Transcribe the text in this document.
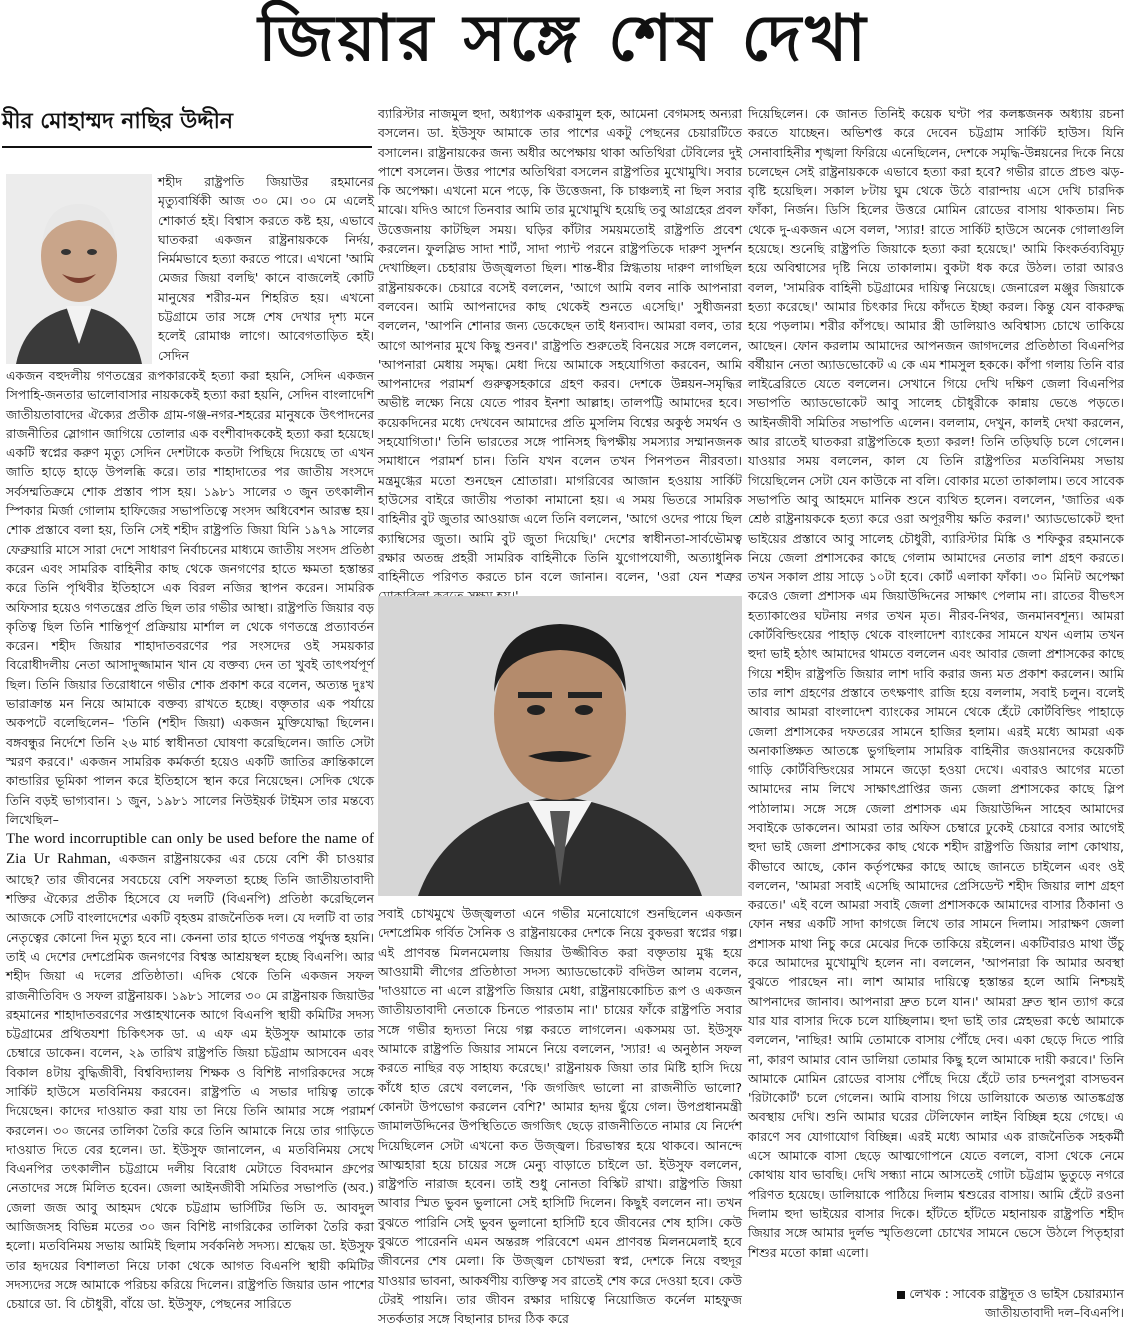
জিয়ার সঙ্গে শেষ দেখা
মীর মোহাম্মদ নাছির উদ্দীন

শহীদ রাষ্ট্রপতি জিয়াউর রহমানের মৃত্যুবার্ষিকী আজ ৩০ মে। ৩০ মে এলেই শোকার্ত হই। বিশ্বাস করতে কষ্ট হয়, এভাবে ঘাতকরা একজন রাষ্ট্রনায়ককে নির্দয়, নির্মমভাবে হত্যা করতে পারে। এখনো 'আমি মেজর জিয়া বলছি' কানে বাজলেই কোটি মানুষের শরীর-মন শিহরিত হয়। এখনো চট্টগ্রামে তার সঙ্গে শেষ দেখার দৃশ্য মনে হলেই রোমাঞ্চ লাগে। আবেগতাড়িত হই। সেদিন

একজন বহুদলীয় গণতন্ত্রের রূপকারকেই হত্যা করা হয়নি, সেদিন একজন সিপাহি-জনতার ভালোবাসার নায়ককেই হত্যা করা হয়নি, সেদিন বাংলাদেশি জাতীয়তাবাদের ঐক্যের প্রতীক গ্রাম-গঞ্জ-নগর-শহরের মানুষকে উৎপাদনের রাজনীতির স্লোগান জাগিয়ে তোলার এক বংশীবাদককেই হত্যা করা হয়েছে। একটি স্বপ্নের করুণ মৃত্যু সেদিন দেশটাকে কতটা পিছিয়ে দিয়েছে তা এখন জাতি হাড়ে হাড়ে উপলব্ধি করে। তার শাহাদাতের পর জাতীয় সংসদে সর্বসম্মতিক্রমে শোক প্রস্তাব পাস হয়। ১৯৮১ সালের ৩ জুন তৎকালীন স্পিকার মির্জা গোলাম হাফিজের সভাপতিত্বে সংসদ অধিবেশন আরম্ভ হয়। শোক প্রস্তাবে বলা হয়, তিনি সেই শহীদ রাষ্ট্রপতি জিয়া যিনি ১৯৭৯ সালের ফেব্রুয়ারি মাসে সারা দেশে সাধারণ নির্বাচনের মাধ্যমে জাতীয় সংসদ প্রতিষ্ঠা করেন এবং সামরিক বাহিনীর কাছ থেকে জনগণের হাতে ক্ষমতা হস্তান্তর করে তিনি পৃথিবীর ইতিহাসে এক বিরল নজির স্থাপন করেন। সামরিক অফিসার হয়েও গণতন্ত্রের প্রতি ছিল তার গভীর আস্থা। রাষ্ট্রপতি জিয়ার বড় কৃতিত্ব ছিল তিনি শান্তিপূর্ণ প্রক্রিয়ায় মার্শাল ল থেকে গণতন্ত্রে প্রত্যাবর্তন করেন। শহীদ জিয়ার শাহাদাতবরণের পর সংসদের ওই সময়কার বিরোধীদলীয় নেতা আসাদুজ্জামান খান যে বক্তব্য দেন তা খুবই তাৎপর্যপূর্ণ ছিল। তিনি জিয়ার তিরোধানে গভীর শোক প্রকাশ করে বলেন, অত্যন্ত দুঃখ ভারাক্রান্ত মন নিয়ে আমাকে বক্তব্য রাখতে হচ্ছে। বক্তৃতার এক পর্যায়ে অকপটে বলেছিলেন– 'তিনি (শহীদ জিয়া) একজন মুক্তিযোদ্ধা ছিলেন। বঙ্গবন্ধুর নির্দেশে তিনি ২৬ মার্চ স্বাধীনতা ঘোষণা করেছিলেন। জাতি সেটা স্মরণ করবে।' একজন সামরিক কর্মকর্তা হয়েও একটি জাতির ক্রান্তিকালে কান্ডারির ভূমিকা পালন করে ইতিহাসে স্থান করে নিয়েছেন। সেদিক থেকে তিনি বড়ই ভাগ্যবান। ১ জুন, ১৯৮১ সালের নিউইয়র্ক টাইমস তার মন্তব্যে লিখেছিল–

The word incorruptible can only be used before the name of Zia Ur Rahman, একজন রাষ্ট্রনায়কের এর চেয়ে বেশি কী চাওয়ার আছে? তার জীবনের সবচেয়ে বেশি সফলতা হচ্ছে তিনি জাতীয়তাবাদী শক্তির ঐক্যের প্রতীক হিসেবে যে দলটি (বিএনপি) প্রতিষ্ঠা করেছিলেন আজকে সেটি বাংলাদেশের একটি বৃহত্তম রাজনৈতিক দল। যে দলটি বা তার নেতৃত্বের কোনো দিন মৃত্যু হবে না। কেননা তার হাতে গণতন্ত্র পর্যুদস্ত হয়নি। তাই এ দেশের দেশপ্রেমিক জনগণের বিশ্বস্ত আশ্রয়স্থল হচ্ছে বিএনপি। আর শহীদ জিয়া এ দলের প্রতিষ্ঠাতা। এদিক থেকে তিনি একজন সফল রাজনীতিবিদ ও সফল রাষ্ট্রনায়ক। ১৯৮১ সালের ৩০ মে রাষ্ট্রনায়ক জিয়াউর রহমানের শাহাদাতবরণের সপ্তাহখানেক আগে বিএনপি স্থায়ী কমিটির সদস্য চট্টগ্রামের প্রথিতযশা চিকিৎসক ডা. এ এফ এম ইউসুফ আমাকে তার চেম্বারে ডাকেন। বলেন, ২৯ তারিখ রাষ্ট্রপতি জিয়া চট্টগ্রাম আসবেন এবং বিকাল ৪টায় বুদ্ধিজীবী, বিশ্ববিদ্যালয় শিক্ষক ও বিশিষ্ট নাগরিকদের সঙ্গে সার্কিট হাউসে মতবিনিময় করবেন। রাষ্ট্রপতি এ সভার দায়িত্ব তাকে দিয়েছেন। কাদের দাওয়াত করা যায় তা নিয়ে তিনি আমার সঙ্গে পরামর্শ করলেন। ৩০ জনের তালিকা তৈরি করে তিনি আমাকে নিয়ে তার গাড়িতে দাওয়াত দিতে বের হলেন। ডা. ইউসুফ জানালেন, এ মতবিনিময় সেখে বিএনপির তৎকালীন চট্টগ্রামে দলীয় বিরোধ মেটাতে বিবদমান গ্রুপের নেতাদের সঙ্গে মিলিত হবেন। জেলা আইনজীবী সমিতির সভাপতি (অব.) জেলা জজ আবু আহমদ থেকে চট্টগ্রাম ভার্সিটির ভিসি ড. আবদুল আজিজসহ বিভিন্ন মতের ৩০ জন বিশিষ্ট নাগরিকের তালিকা তৈরি করা হলো। মতবিনিময় সভায় আমিই ছিলাম সর্বকনিষ্ঠ সদস্য। শ্রদ্ধেয় ডা. ইউসুফ তার হৃদয়ের বিশালতা নিয়ে ঢাকা থেকে আগত বিএনপি স্থায়ী কমিটির সদস্যদের সঙ্গে আমাকে পরিচয় করিয়ে দিলেন। রাষ্ট্রপতি জিয়ার ডান পাশের চেয়ারে ডা. বি চৌধুরী, বাঁয়ে ডা. ইউসুফ, পেছনের সারিতে

ব্যারিস্টার নাজমুল হুদা, অধ্যাপক একরামুল হক, আমেনা বেগমসহ অন্যরা বসলেন। ডা. ইউসুফ আমাকে তার পাশের একটু পেছনের চেয়ারটিতে বসালেন। রাষ্ট্রনায়কের জন্য অধীর অপেক্ষায় থাকা অতিথিরা টেবিলের দুই পাশে বসলেন। উত্তর পাশের অতিথিরা বসলেন রাষ্ট্রপতির মুখোমুখি। সবার কি অপেক্ষা। এখনো মনে পড়ে, কি উত্তেজনা, কি চাঞ্চল্যই না ছিল সবার মাঝে। যদিও আগে তিনবার আমি তার মুখোমুখি হয়েছি তবু আগ্রহের প্রবল উত্তেজনায় কাটছিল সময়। ঘড়ির কাঁটার সময়মতোই রাষ্ট্রপতি প্রবেশ করলেন। ফুলস্লিভ সাদা শার্ট, সাদা প্যান্ট পরনে রাষ্ট্রপতিকে দারুণ সুদর্শন দেখাচ্ছিল। চেহারায় উজ্জ্বলতা ছিল। শান্ত-ধীর স্নিগ্ধতায় দারুণ লাগছিল রাষ্ট্রনায়ককে। চেয়ারে বসেই বললেন, 'আগে আমি বলব নাকি আপনারা বলবেন। আমি আপনাদের কাছ থেকেই শুনতে এসেছি।' সুধীজনরা বললেন, 'আপনি শোনার জন্য ডেকেছেন তাই ধন্যবাদ। আমরা বলব, তার আগে আপনার মুখে কিছু শুনব।' রাষ্ট্রপতি শুরুতেই বিনয়ের সঙ্গে বললেন, 'আপনারা মেধায় সমৃদ্ধ। মেধা দিয়ে আমাকে সহযোগিতা করবেন, আমি আপনাদের পরামর্শ গুরুত্বসহকারে গ্রহণ করব। দেশকে উন্নয়ন-সমৃদ্ধির অভীষ্ট লক্ষ্যে নিয়ে যেতে পারব ইনশা আল্লাহ। তালপট্টি আমাদের হবে। কয়েকদিনের মধ্যে দেখবেন আমাদের প্রতি মুসলিম বিশ্বের অকুণ্ঠ সমর্থন ও সহযোগিতা।' তিনি ভারতের সঙ্গে পানিসহ দ্বিপক্ষীয় সমস্যার সম্মানজনক সমাধানে পরামর্শ চান। তিনি যখন বলেন তখন পিনপতন নীরবতা। মন্ত্রমুগ্ধের মতো শুনছেন শ্রোতারা। মাগরিবের আজান হওয়ায় সার্কিট হাউসের বাইরে জাতীয় পতাকা নামানো হয়। এ সময় ভিতরে সামরিক বাহিনীর বুট জুতার আওয়াজ এলে তিনি বললেন, 'আগে ওদের পায়ে ছিল ক্যাম্বিসের জুতা। আমি বুট জুতা দিয়েছি।' দেশের স্বাধীনতা-সার্বভৌমত্ব রক্ষার অতন্দ্র প্রহরী সামরিক বাহিনীকে তিনি যুগোপযোগী, অত্যাধুনিক বাহিনীতে পরিণত করতে চান বলে জানান। বলেন, 'ওরা যেন শত্রুর

সবাই চোখমুখে উজ্জ্বলতা এনে গভীর মনোযোগে শুনছিলেন একজন দেশপ্রেমিক গর্বিত সৈনিক ও রাষ্ট্রনায়কের দেশকে নিয়ে বুকভরা স্বপ্নের গল্প। এই প্রাণবন্ত মিলনমেলায় জিয়ার উজ্জীবিত করা বক্তৃতায় মুগ্ধ হয়ে আওয়ামী লীগের প্রতিষ্ঠাতা সদস্য অ্যাডভোকেট বদিউল আলম বলেন, 'দাওয়াতে না এলে রাষ্ট্রপতি জিয়ার মেধা, রাষ্ট্রনায়কোচিত রূপ ও একজন জাতীয়তাবাদী নেতাকে চিনতে পারতাম না।' চায়ের ফাঁকে রাষ্ট্রপতি সবার সঙ্গে গভীর হৃদ্যতা নিয়ে গল্প করতে লাগলেন। একসময় ডা. ইউসুফ আমাকে রাষ্ট্রপতি জিয়ার সামনে নিয়ে বললেন, 'স্যার! এ অনুষ্ঠান সফল করতে নাছির বড় সাহায্য করেছে।' রাষ্ট্রনায়ক জিয়া তার মিষ্টি হাসি দিয়ে কাঁধে হাত রেখে বললেন, 'কি জগজিৎ ভালো না রাজনীতি ভালো? কোনটা উপভোগ করলেন বেশি?' আমার হৃদয় ছুঁয়ে গেল। উপপ্রধানমন্ত্রী জামালউদ্দিনের উপস্থিতিতে জগজিৎ ছেড়ে রাজনীতিতে নামার যে নির্দেশ দিয়েছিলেন সেটা এখনো কত উজ্জ্বল। চিরভাস্বর হয়ে থাকবে। আনন্দে আত্মহারা হয়ে চায়ের সঙ্গে মেন্যু বাড়াতে চাইলে ডা. ইউসুফ বললেন, রাষ্ট্রপতি নারাজ হবেন। তাই শুধু নোনতা বিস্কিট রাখা। রাষ্ট্রপতি জিয়া আবার স্মিত ভুবন ভুলানো সেই হাসিটি দিলেন। কিছুই বললেন না। তখন বুঝতে পারিনি সেই ভুবন ভুলানো হাসিটি হবে জীবনের শেষ হাসি। কেউ বুঝতে পারেননি এমন অন্তরঙ্গ পরিবেশে এমন প্রাণবন্ত মিলনমেলাই হবে জীবনের শেষ মেলা। কি উজ্জ্বল চোখভরা স্বপ্ন, দেশকে নিয়ে বহুদূর যাওয়ার ভাবনা, আকর্ষণীয় ব্যক্তিত্ব সব রাতেই শেষ করে দেওয়া হবে। কেউ টেরই পায়নি। তার জীবন রক্ষার দায়িত্বে নিয়োজিত কর্নেল মাহফুজ সতর্কতার সঙ্গে বিছানার চাদর ঠিক করে

দিয়েছিলেন। কে জানত তিনিই কয়েক ঘণ্টা পর কলঙ্কজনক অধ্যায় রচনা করতে যাচ্ছেন। অভিশপ্ত করে দেবেন চট্টগ্রাম সার্কিট হাউস। যিনি সেনাবাহিনীর শৃঙ্খলা ফিরিয়ে এনেছিলেন, দেশকে সমৃদ্ধি-উন্নয়নের দিকে নিয়ে চলেছেন সেই রাষ্ট্রনায়ককে এভাবে হত্যা করা হবে? গভীর রাতে প্রচণ্ড ঝড়-বৃষ্টি হয়েছিল। সকাল ৮টায় ঘুম থেকে উঠে বারান্দায় এসে দেখি চারদিক ফাঁকা, নির্জন। ডিসি হিলের উত্তরে মোমিন রোডের বাসায় থাকতাম। নিচ থেকে দু-একজন এসে বলল, 'স্যার! রাতে সার্কিট হাউসে অনেক গোলাগুলি হয়েছে। শুনেছি রাষ্ট্রপতি জিয়াকে হত্যা করা হয়েছে।' আমি কিংকর্তব্যবিমূঢ় হয়ে অবিশ্বাসের দৃষ্টি নিয়ে তাকালাম। বুকটা ধক করে উঠল। তারা আরও বলল, 'সামরিক বাহিনী চট্টগ্রামের দায়িত্ব নিয়েছে। জেনারেল মঞ্জুর জিয়াকে হত্যা করেছে।' আমার চিৎকার দিয়ে কাঁদতে ইচ্ছা করল। কিন্তু যেন বাকরুদ্ধ হয়ে পড়লাম। শরীর কাঁপছে। আমার স্ত্রী ডালিয়াও অবিশ্বাস্য চোখে তাকিয়ে আছেন। ফোন করলাম আমাদের আপনজন জাগদলের প্রতিষ্ঠাতা বিএনপির বর্ষীয়ান নেতা অ্যাডভোকেট এ কে এম শামসুল হককে। কাঁপা গলায় তিনি বার লাইব্রেরিতে যেতে বললেন। সেখানে গিয়ে দেখি দক্ষিণ জেলা বিএনপির সভাপতি অ্যাডভোকেট আবু সালেহ চৌধুরীকে কান্নায় ভেঙে পড়তে। আইনজীবী সমিতির সভাপতি এলেন। বললাম, দেখুন, কালই দেখা করলেন, আর রাতেই ঘাতকরা রাষ্ট্রপতিকে হত্যা করল! তিনি তড়িঘড়ি চলে গেলেন। যাওয়ার সময় বললেন, কাল যে তিনি রাষ্ট্রপতির মতবিনিময় সভায় গিয়েছিলেন সেটা যেন কাউকে না বলি। বোকার মতো তাকালাম। তবে সাবেক সভাপতি আবু আহমদে মানিক শুনে ব্যথিত হলেন। বললেন, 'জাতির এক শ্রেষ্ঠ রাষ্ট্রনায়ককে হত্যা করে ওরা অপূরণীয় ক্ষতি করল।' অ্যাডভোকেট হুদা ভাইয়ের প্রস্তাবে আবু সালেহ চৌধুরী, ব্যারিস্টার মিঙ্কি ও শফিকুর রহমানকে নিয়ে জেলা প্রশাসকের কাছে গেলাম আমাদের নেতার লাশ গ্রহণ করতে। তখন সকাল প্রায় সাড়ে ১০টা হবে। কোর্ট এলাকা ফাঁকা। ৩০ মিনিট অপেক্ষা করেও জেলা প্রশাসক এম জিয়াউদ্দিনের সাক্ষাৎ পেলাম না। রাতের বীভৎস হত্যাকাণ্ডের ঘটনায় নগর তখন মৃত। নীরব-নিথর, জনমানবশূন্য। আমরা কোর্টবিল্ডিংয়ের পাহাড় থেকে বাংলাদেশ ব্যাংকের সামনে যখন এলাম তখন হুদা ভাই হঠাৎ আমাদের থামতে বললেন এবং আবার জেলা প্রশাসকের কাছে গিয়ে শহীদ রাষ্ট্রপতি জিয়ার লাশ দাবি করার জন্য মত প্রকাশ করলেন। আমি তার লাশ গ্রহণের প্রস্তাবে তৎক্ষণাৎ রাজি হয়ে বললাম, সবাই চলুন। বলেই আবার আমরা বাংলাদেশ ব্যাংকের সামনে থেকে হেঁটে কোর্টবিল্ডিং পাহাড়ে জেলা প্রশাসকের দফতরের সামনে হাজির হলাম। এরই মধ্যে আমরা এক অনাকাঙ্ক্ষিত আতঙ্কে ভুগছিলাম সামরিক বাহিনীর জওয়ানদের কয়েকটি গাড়ি কোর্টবিল্ডিংয়ের সামনে জড়ো হওয়া দেখে। এবারও আগের মতো আমাদের নাম লিখে সাক্ষাৎপ্রাপ্তির জন্য জেলা প্রশাসকের কাছে স্লিপ পাঠালাম। সঙ্গে সঙ্গে জেলা প্রশাসক এম জিয়াউদ্দিন সাহেব আমাদের সবাইকে ডাকলেন। আমরা তার অফিস চেম্বারে ঢুকেই চেয়ারে বসার আগেই হুদা ভাই জেলা প্রশাসকের কাছ থেকে শহীদ রাষ্ট্রপতি জিয়ার লাশ কোথায়, কীভাবে আছে, কোন কর্তৃপক্ষের কাছে আছে জানতে চাইলেন এবং ওই বললেন, 'আমরা সবাই এসেছি আমাদের প্রেসিডেন্ট শহীদ জিয়ার লাশ গ্রহণ করতে।' এই বলে আমরা সবাই জেলা প্রশাসককে আমাদের বাসার ঠিকানা ও ফোন নম্বর একটি সাদা কাগজে লিখে তার সামনে দিলাম। সারাক্ষণ জেলা প্রশাসক মাথা নিচু করে মেঝের দিকে তাকিয়ে রইলেন। একটিবারও মাথা উঁচু করে আমাদের মুখোমুখি হলেন না। বললেন, 'আপনারা কি আমার অবস্থা বুঝতে পারছেন না। লাশ আমার দায়িত্বে হস্তান্তর হলে আমি নিশ্চয়ই আপনাদের জানাব। আপনারা দ্রুত চলে যান।' আমরা দ্রুত স্থান ত্যাগ করে যার যার বাসার দিকে চলে যাচ্ছিলাম। হুদা ভাই তার স্নেহভরা কণ্ঠে আমাকে বললেন, 'নাছির! আমি তোমাকে বাসায় পৌঁছে দেব। একা ছেড়ে দিতে পারি না, কারণ আমার বোন ডালিয়া তোমার কিছু হলে আমাকে দায়ী করবে।' তিনি আমাকে মোমিন রোডের বাসায় পৌঁছে দিয়ে হেঁটে তার চন্দনপুরা বাসভবন 'রিটাকোর্ট' চলে গেলেন। আমি বাসায় গিয়ে ডালিয়াকে অত্যন্ত আতঙ্কগ্রস্ত অবস্থায় দেখি। শুনি আমার ঘরের টেলিফোন লাইন বিচ্ছিন্ন হয়ে গেছে। এ কারণে সব যোগাযোগ বিচ্ছিন্ন। এরই মধ্যে আমার এক রাজনৈতিক সহকর্মী এসে আমাকে বাসা ছেড়ে আত্মগোপনে যেতে বললে, বাসা থেকে নেমে কোথায় যাব ভাবছি। দেখি সন্ধ্যা নামে আসতেই গোটা চট্টগ্রাম ভুতুড়ে নগরে পরিণত হয়েছে। ডালিয়াকে পাঠিয়ে দিলাম শ্বশুরের বাসায়। আমি হেঁটে রওনা দিলাম হুদা ভাইয়ের বাসার দিকে। হাঁটতে হাঁটতে মহানায়ক রাষ্ট্রপতি শহীদ জিয়ার সঙ্গে আমার দুর্লভ স্মৃতিগুলো চোখের সামনে ভেসে উঠলে পিতৃহারা শিশুর মতো কান্না এলো।

লেখক : সাবেক রাষ্ট্রদূত ও ভাইস চেয়ারম্যান
জাতীয়তাবাদী দল–বিএনপি।
